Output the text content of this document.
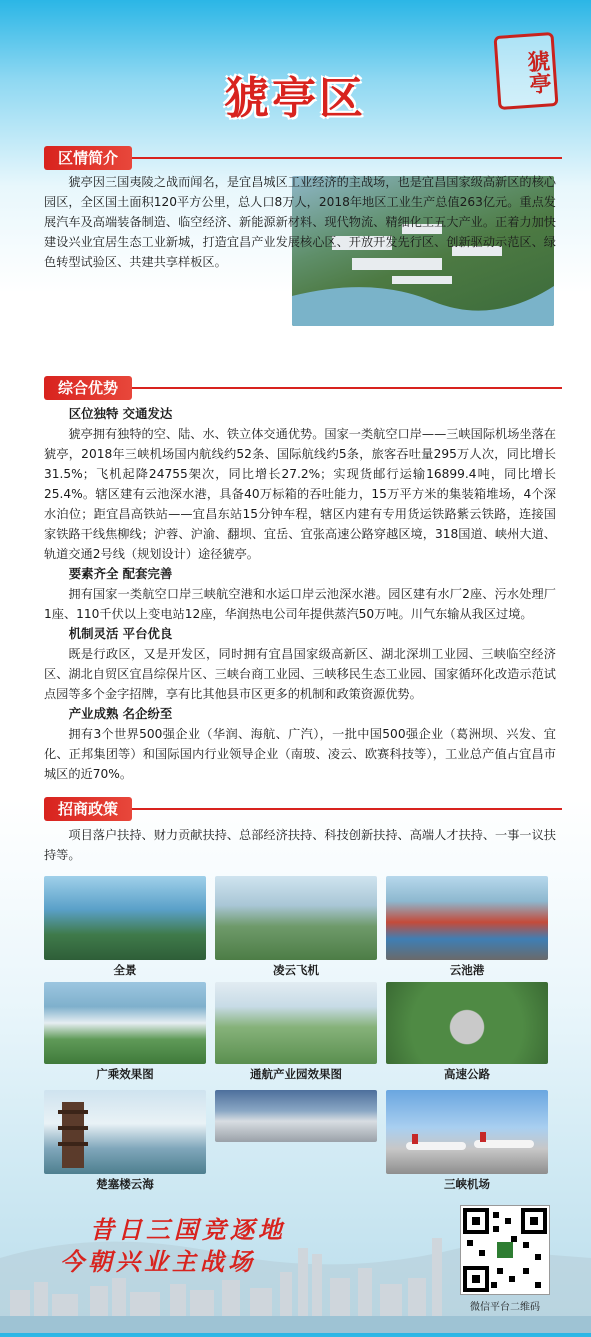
猇亭区
猇亭
区情简介

猇亭因三国夷陵之战而闻名，是宜昌城区工业经济的主战场，也是宜昌国家级高新区的核心园区，全区国土面积120平方公里，总人口8万人，2018年地区工业生产总值263亿元。重点发展汽车及高端装备制造、临空经济、新能源新材料、现代物流、精细化工五大产业。正着力加快建设兴业宜居生态工业新城，打造宜昌产业发展核心区、开放开发先行区、创新驱动示范区、绿色转型试验区、共建共享样板区。

综合优势
区位独特 交通发达

猇亭拥有独特的空、陆、水、铁立体交通优势。国家一类航空口岸——三峡国际机场坐落在猇亭，2018年三峡机场国内航线约52条、国际航线约5条，旅客吞吐量295万人次，同比增长31.5%；飞机起降24755架次，同比增长27.2%；实现货邮行运输16899.4吨，同比增长25.4%。辖区建有云池深水港，具备40万标箱的吞吐能力，15万平方米的集装箱堆场，4个深水泊位；距宜昌高铁站——宜昌东站15分钟车程，辖区内建有专用货运铁路紫云铁路，连接国家铁路干线焦柳线；沪蓉、沪渝、翻坝、宜岳、宜张高速公路穿越区境，318国道、峡州大道、轨道交通2号线（规划设计）途径猇亭。

要素齐全 配套完善

拥有国家一类航空口岸三峡航空港和水运口岸云池深水港。园区建有水厂2座、污水处理厂1座、110千伏以上变电站12座，华润热电公司年提供蒸汽50万吨。川气东输从我区过境。

机制灵活 平台优良

既是行政区，又是开发区，同时拥有宜昌国家级高新区、湖北深圳工业园、三峡临空经济区、湖北自贸区宜昌综保片区、三峡台商工业园、三峡移民生态工业园、国家循环化改造示范试点园等多个金字招牌，享有比其他县市区更多的机制和政策资源优势。

产业成熟 名企纷至

拥有3个世界500强企业（华润、海航、广汽），一批中国500强企业（葛洲坝、兴发、宜化、正邦集团等）和国际国内行业领导企业（南玻、凌云、欧赛科技等），工业总产值占宜昌市城区的近70%。

招商政策

项目落户扶持、财力贡献扶持、总部经济扶持、科技创新扶持、高端人才扶持、一事一议扶持等。

全景	凌云飞机	云池港
广乘效果图	通航产业园效果图	高速公路
楚塞楼云海	三峡机场
昔日三国竞逐地
今朝兴业主战场
微信平台二维码
